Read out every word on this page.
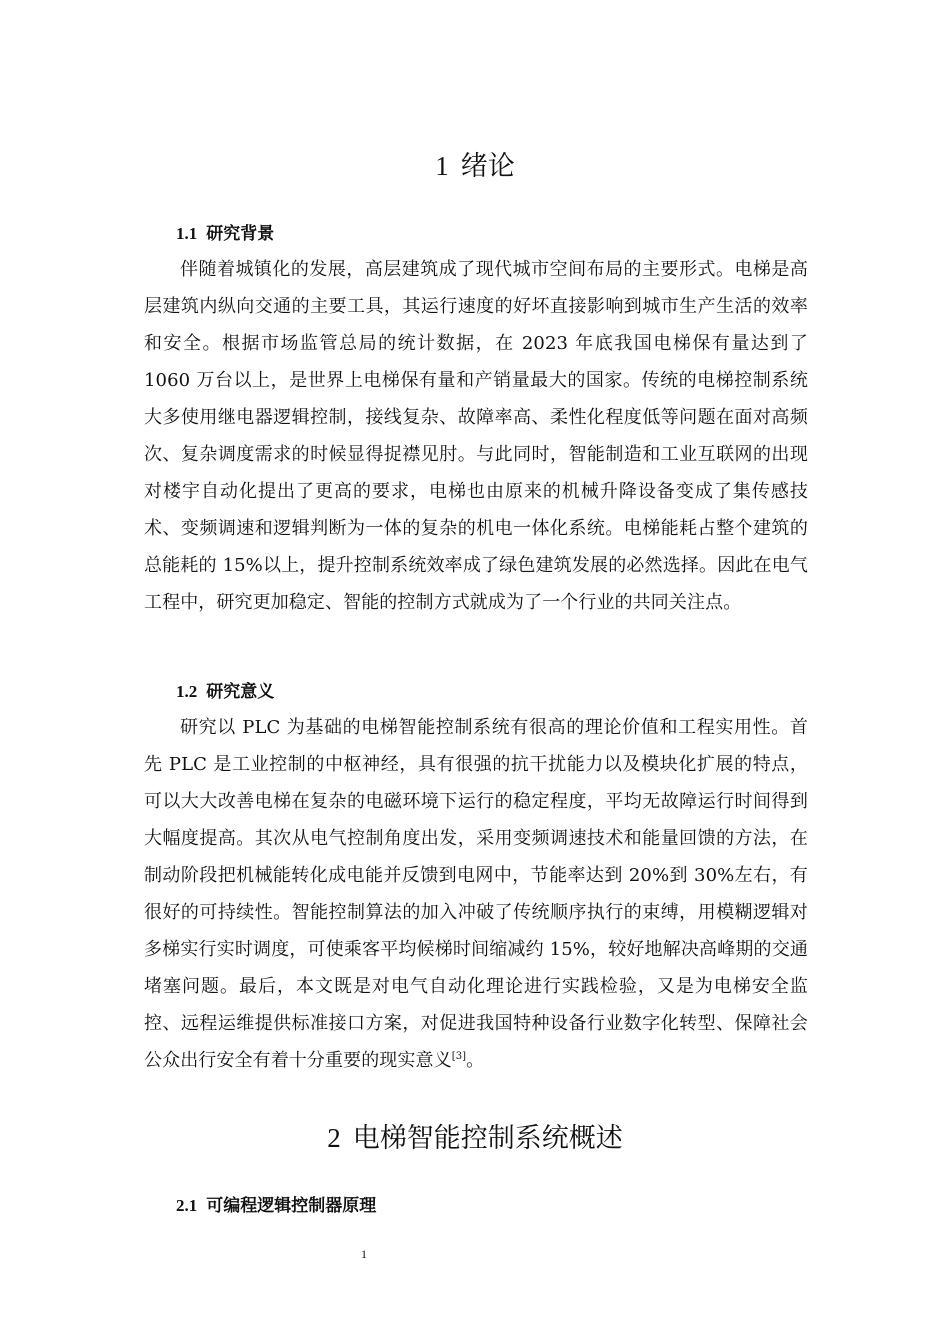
1 绪论
1.1 研究背景

伴随着城镇化的发展，高层建筑成了现代城市空间布局的主要形式。电梯是高层建筑内纵向交通的主要工具，其运行速度的好坏直接影响到城市生产生活的效率和安全。根据市场监管总局的统计数据，在 2023 年底我国电梯保有量达到了 1060 万台以上，是世界上电梯保有量和产销量最大的国家。传统的电梯控制系统大多使用继电器逻辑控制，接线复杂、故障率高、柔性化程度低等问题在面对高频次、复杂调度需求的时候显得捉襟见肘。与此同时，智能制造和工业互联网的出现对楼宇自动化提出了更高的要求，电梯也由原来的机械升降设备变成了集传感技术、变频调速和逻辑判断为一体的复杂的机电一体化系统。电梯能耗占整个建筑的总能耗的 15%以上，提升控制系统效率成了绿色建筑发展的必然选择。因此在电气工程中，研究更加稳定、智能的控制方式就成为了一个行业的共同关注点。

1.2 研究意义

研究以 PLC 为基础的电梯智能控制系统有很高的理论价值和工程实用性。首先 PLC 是工业控制的中枢神经，具有很强的抗干扰能力以及模块化扩展的特点，可以大大改善电梯在复杂的电磁环境下运行的稳定程度，平均无故障运行时间得到大幅度提高。其次从电气控制角度出发，采用变频调速技术和能量回馈的方法，在制动阶段把机械能转化成电能并反馈到电网中，节能率达到 20%到 30%左右，有很好的可持续性。智能控制算法的加入冲破了传统顺序执行的束缚，用模糊逻辑对多梯实行实时调度，可使乘客平均候梯时间缩减约 15%，较好地解决高峰期的交通堵塞问题。最后，本文既是对电气自动化理论进行实践检验，又是为电梯安全监控、远程运维提供标准接口方案，对促进我国特种设备行业数字化转型、保障社会公众出行安全有着十分重要的现实意义[3]。

2 电梯智能控制系统概述
2.1 可编程逻辑控制器原理
1
